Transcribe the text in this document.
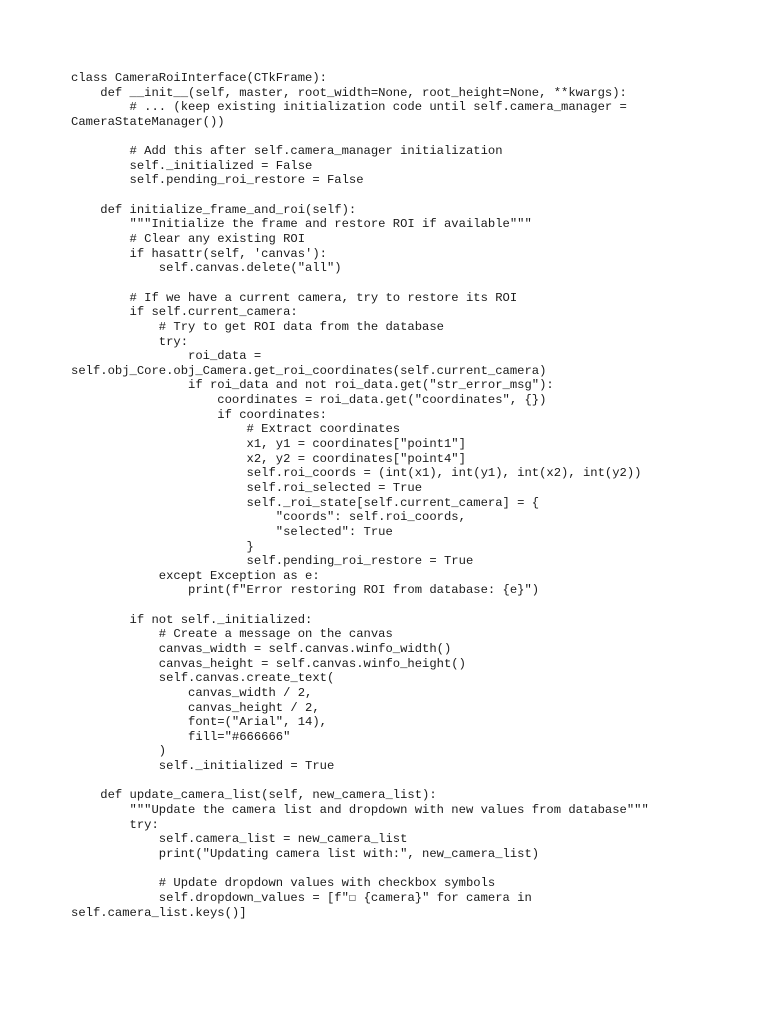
class CameraRoiInterface(CTkFrame):
def __init__(self, master, root_width=None, root_height=None, **kwargs):
# ... (keep existing initialization code until self.camera_manager =
CameraStateManager())
# Add this after self.camera_manager initialization
self._initialized = False
self.pending_roi_restore = False
def initialize_frame_and_roi(self):
"""Initialize the frame and restore ROI if available"""
# Clear any existing ROI
if hasattr(self, 'canvas'):
self.canvas.delete("all")
# If we have a current camera, try to restore its ROI
if self.current_camera:
# Try to get ROI data from the database
try:
roi_data =
self.obj_Core.obj_Camera.get_roi_coordinates(self.current_camera)
if roi_data and not roi_data.get("str_error_msg"):
coordinates = roi_data.get("coordinates", {})
if coordinates:
# Extract coordinates
x1, y1 = coordinates["point1"]
x2, y2 = coordinates["point4"]
self.roi_coords = (int(x1), int(y1), int(x2), int(y2))
self.roi_selected = True
self._roi_state[self.current_camera] = {
"coords": self.roi_coords,
"selected": True
}
self.pending_roi_restore = True
except Exception as e:
print(f"Error restoring ROI from database: {e}")
if not self._initialized:
# Create a message on the canvas
canvas_width = self.canvas.winfo_width()
canvas_height = self.canvas.winfo_height()
self.canvas.create_text(
canvas_width / 2,
canvas_height / 2,
font=("Arial", 14),
fill="#666666"
)
self._initialized = True
def update_camera_list(self, new_camera_list):
"""Update the camera list and dropdown with new values from database"""
try:
self.camera_list = new_camera_list
print("Updating camera list with:", new_camera_list)
# Update dropdown values with checkbox symbols
self.dropdown_values = [f"☐ {camera}" for camera in
self.camera_list.keys()]
